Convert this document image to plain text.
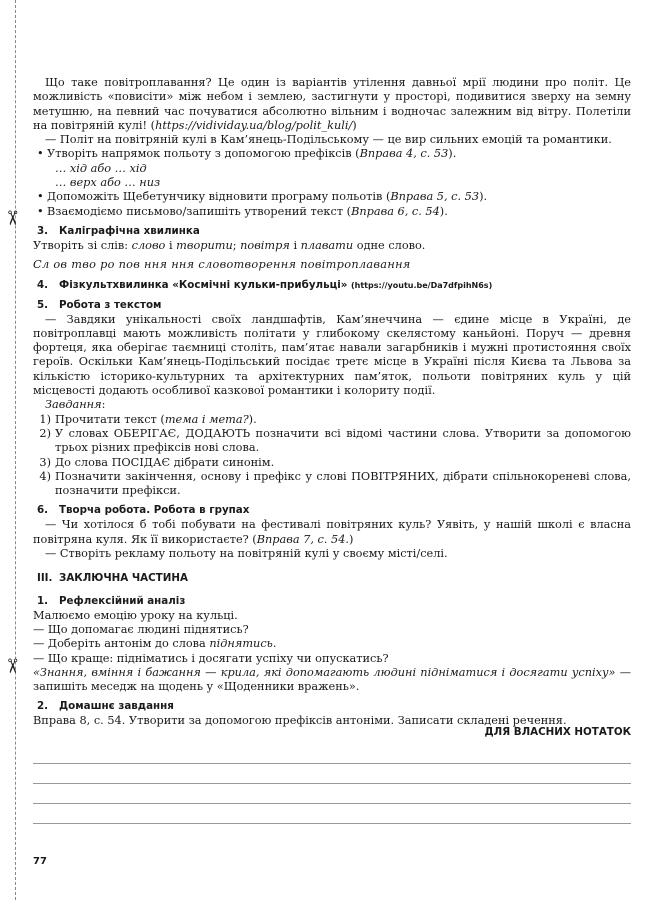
✂
✂

Що таке повітроплавання? Це один із варіантів утілення давньої мрії людини про політ. Це можливість «повисіти» між небом і землею, застигнути у просторі, подивитися зверху на земну метушню, на певний час почуватися абсолютно вільним і водночас залежним від вітру. Полетіли на повітряній кулі! (https://vidividay.ua/blog/polit_kuli/)

— Політ на повітряній кулі в Кам’янець-Подільському — це вир сильних емоцій та романтики.

• Утворіть напрямок польоту з допомогою префіксів (Вправа 4, с. 53).

… хід або … хід

… верх або … низ

• Допоможіть Щебетунчику відновити програму польотів (Вправа 5, с. 53).
• Взаємодіємо письмово/запишіть утворений текст (Вправа 6, с. 54).
3.	Каліграфічна хвилинка

Утворіть зі слів: слово і творити; повітря і плавати одне слово.

Сл ов тво ро пов ння ння словотворення повітроплавання

4.	Фізкультхвилинка «Космічні кульки-прибульці»
(https://youtu.be/Da7dfpihN6s)
5.	Робота з текстом

— Завдяки унікальності своїх ландшафтів, Кам’янеччина — єдине місце в Україні, де повітроплавці мають можливість політати у глибокому скелястому каньйоні. Поруч — древня фортеця, яка оберігає таємниці століть, пам’ятає навали загарбників і мужні протистояння своїх героїв. Оскільки Кам’янець-Подільський посідає третє місце в Україні після Києва та Львова за кількістю історико-культурних та архітектурних пам’яток, польоти повітряних куль у цій місцевості додають особливої казкової романтики і колориту події.

Завдання:

1) Прочитати текст (тема і мета?).
2) У словах ОБЕРІГАЄ, ДОДАЮТЬ позначити всі відомі частини слова. Утворити за допомогою трьох різних префіксів нові слова.
3) До слова ПОСІДАЄ дібрати синонім.
4) Позначити закінчення, основу і префікс у слові ПОВІТРЯНИХ, дібрати спільнокореневі слова, позначити префікси.
6.	Творча робота. Робота в групах

— Чи хотілося б тобі побувати на фестивалі повітряних куль? Уявіть, у нашій школі є власна повітряна куля. Як її використаєте? (Вправа 7, с. 54.)

— Створіть рекламу польоту на повітряній кулі у своєму місті/селі.

III. ЗАКЛЮЧНА ЧАСТИНА
1.	Рефлексійний аналіз

Малюємо емоцію уроку на кульці.

— Що допомагає людині піднятись?

— Доберіть антонім до слова піднятись.

— Що краще: підніматись і досягати успіху чи опускатись?

«Знання, вміння і бажання — крила, які допомагають людині підніматися і досягати успіху» — запишіть меседж на щодень у «Щоденники вражень».

2.	Домашнє завдання

Вправа 8, с. 54. Утворити за допомогою префіксів антоніми. Записати складені речення.

ДЛЯ ВЛАСНИХ НОТАТОК
77
